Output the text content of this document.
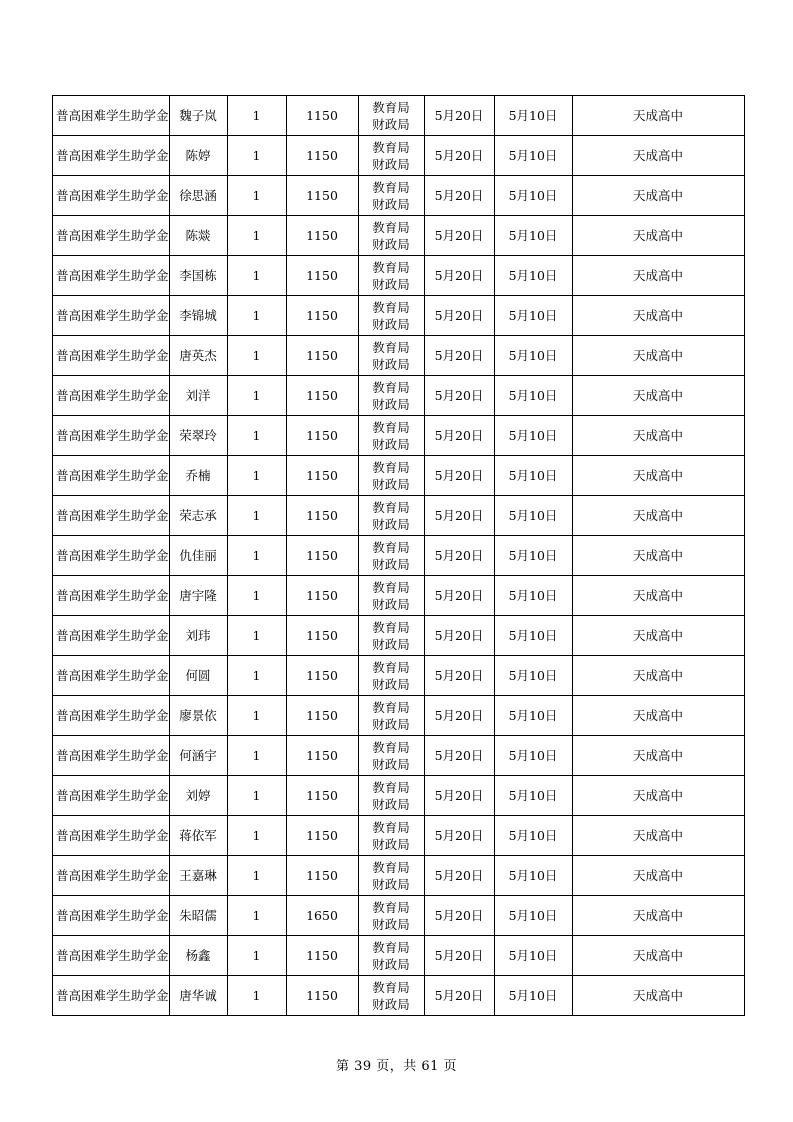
普高困难学生助学金	魏子岚	1	1150	教育局财政局	5月20日	5月10日	天成高中
普高困难学生助学金	陈婷	1	1150	教育局财政局	5月20日	5月10日	天成高中
普高困难学生助学金	徐思涵	1	1150	教育局财政局	5月20日	5月10日	天成高中
普高困难学生助学金	陈燚	1	1150	教育局财政局	5月20日	5月10日	天成高中
普高困难学生助学金	李国栋	1	1150	教育局财政局	5月20日	5月10日	天成高中
普高困难学生助学金	李锦城	1	1150	教育局财政局	5月20日	5月10日	天成高中
普高困难学生助学金	唐英杰	1	1150	教育局财政局	5月20日	5月10日	天成高中
普高困难学生助学金	刘洋	1	1150	教育局财政局	5月20日	5月10日	天成高中
普高困难学生助学金	荣翠玲	1	1150	教育局财政局	5月20日	5月10日	天成高中
普高困难学生助学金	乔楠	1	1150	教育局财政局	5月20日	5月10日	天成高中
普高困难学生助学金	荣志承	1	1150	教育局财政局	5月20日	5月10日	天成高中
普高困难学生助学金	仇佳丽	1	1150	教育局财政局	5月20日	5月10日	天成高中
普高困难学生助学金	唐宇隆	1	1150	教育局财政局	5月20日	5月10日	天成高中
普高困难学生助学金	刘玮	1	1150	教育局财政局	5月20日	5月10日	天成高中
普高困难学生助学金	何圆	1	1150	教育局财政局	5月20日	5月10日	天成高中
普高困难学生助学金	廖景依	1	1150	教育局财政局	5月20日	5月10日	天成高中
普高困难学生助学金	何涵宇	1	1150	教育局财政局	5月20日	5月10日	天成高中
普高困难学生助学金	刘婷	1	1150	教育局财政局	5月20日	5月10日	天成高中
普高困难学生助学金	蒋依军	1	1150	教育局财政局	5月20日	5月10日	天成高中
普高困难学生助学金	王嘉琳	1	1150	教育局财政局	5月20日	5月10日	天成高中
普高困难学生助学金	朱昭儒	1	1650	教育局财政局	5月20日	5月10日	天成高中
普高困难学生助学金	杨鑫	1	1150	教育局财政局	5月20日	5月10日	天成高中
普高困难学生助学金	唐华诚	1	1150	教育局财政局	5月20日	5月10日	天成高中
第 39 页，共 61 页
